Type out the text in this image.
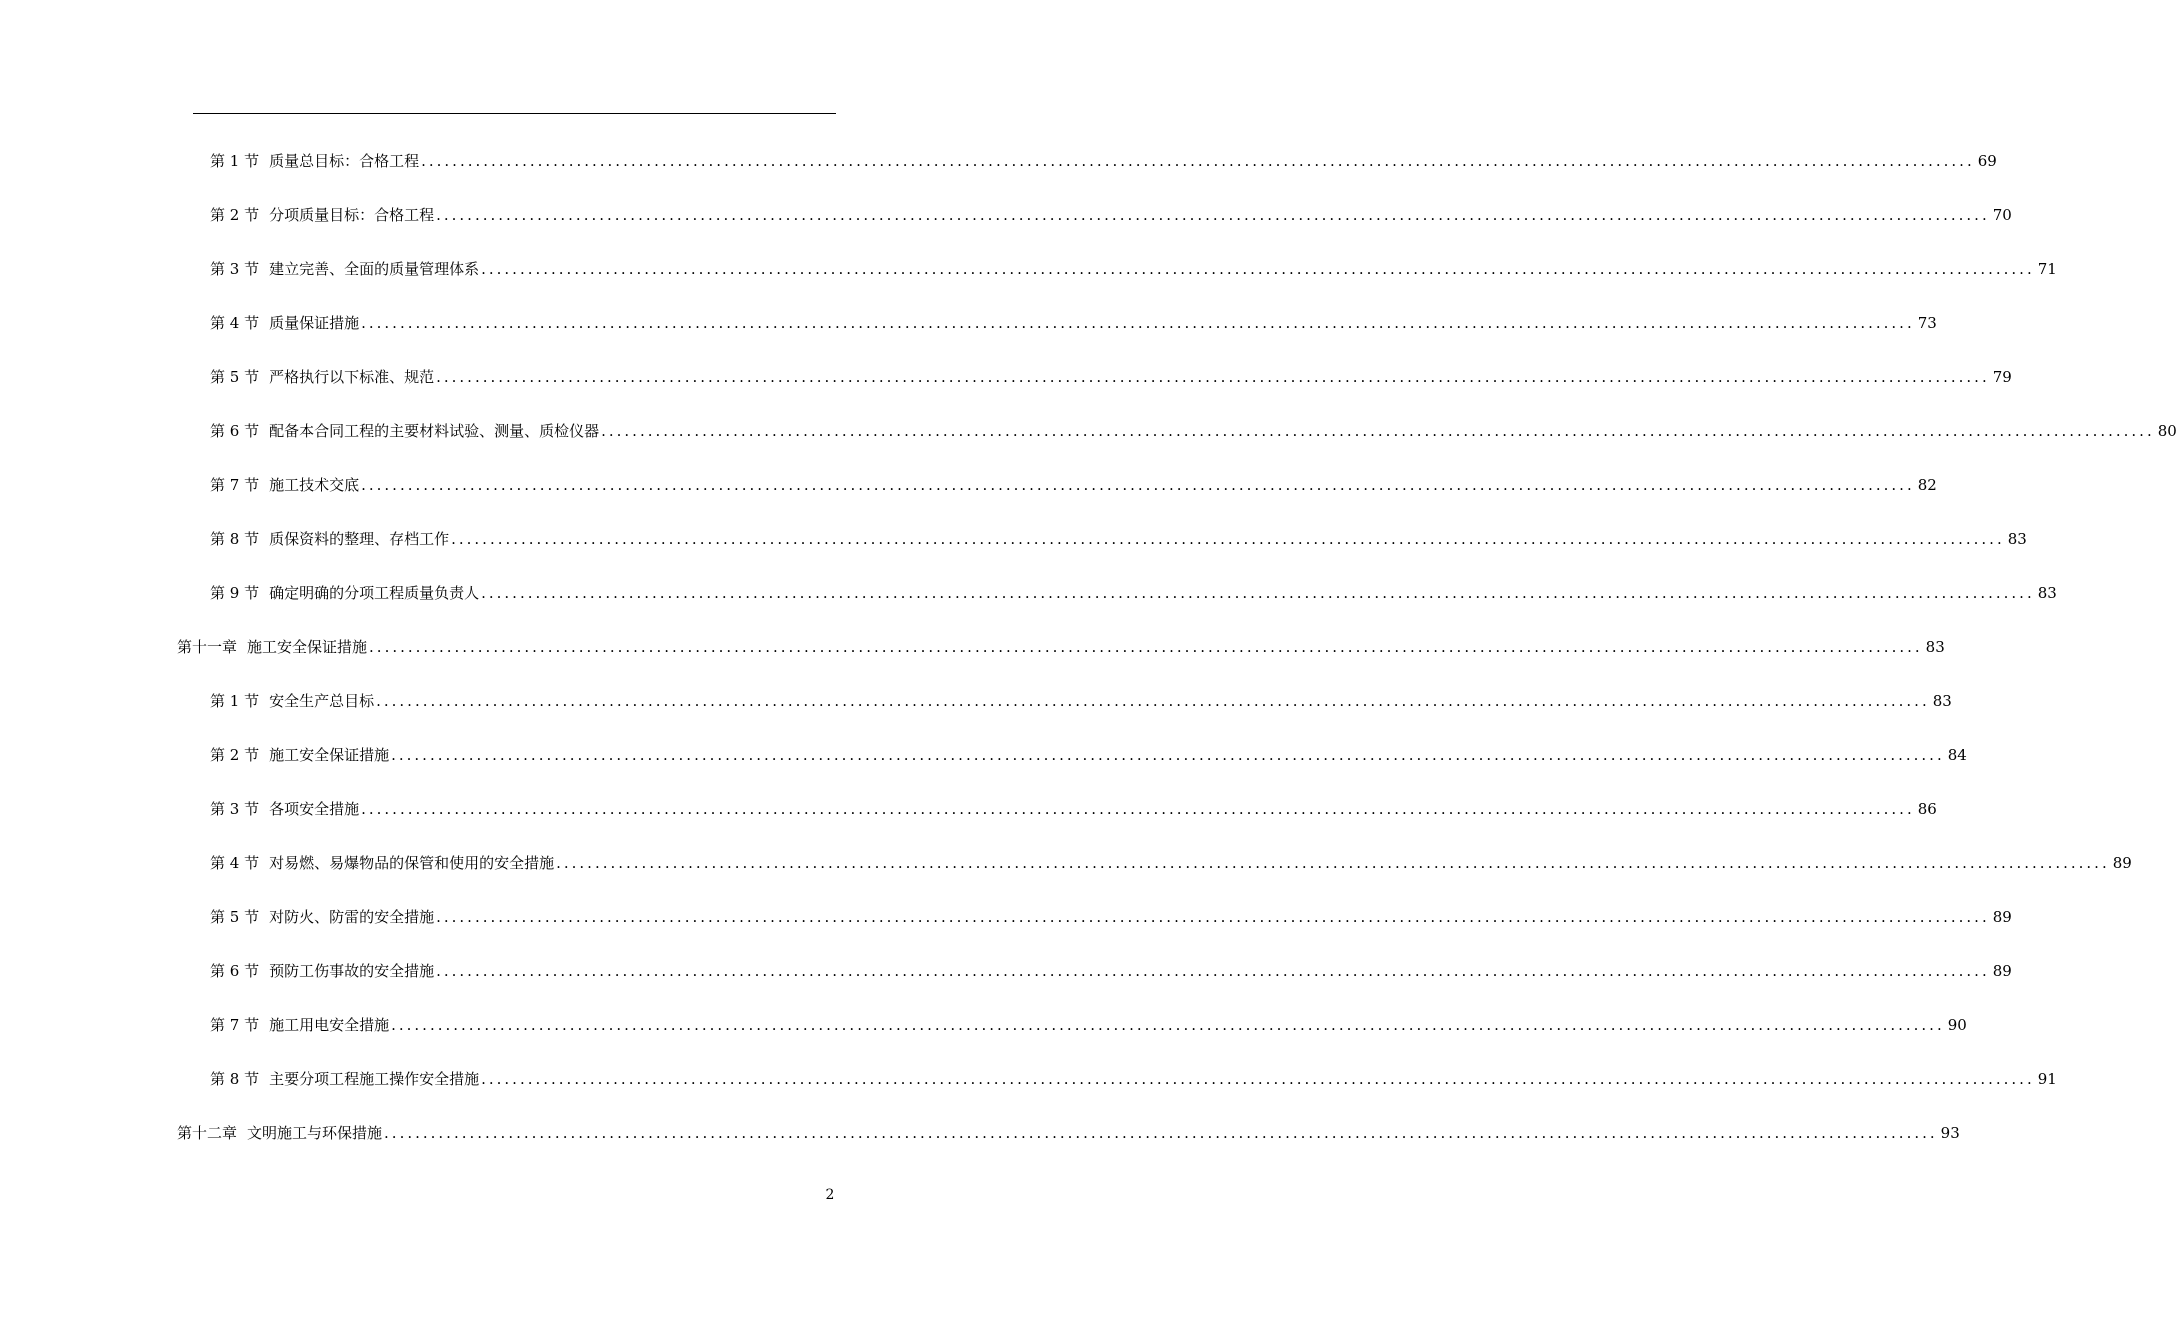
第 1 节 质量总目标：合格工程 ........................................................................................................................................................................................................ 69
第 2 节 分项质量目标：合格工程 ........................................................................................................................................................................................................ 70
第 3 节 建立完善、全面的质量管理体系 ........................................................................................................................................................................................................ 71
第 4 节 质量保证措施 ........................................................................................................................................................................................................ 73
第 5 节 严格执行以下标准、规范 ........................................................................................................................................................................................................ 79
第 6 节 配备本合同工程的主要材料试验、测量、质检仪器 ........................................................................................................................................................................................................ 80
第 7 节 施工技术交底 ........................................................................................................................................................................................................ 82
第 8 节 质保资料的整理、存档工作 ........................................................................................................................................................................................................ 83
第 9 节 确定明确的分项工程质量负责人 ........................................................................................................................................................................................................ 83
第十一章 施工安全保证措施 ........................................................................................................................................................................................................ 83
第 1 节 安全生产总目标 ........................................................................................................................................................................................................ 83
第 2 节 施工安全保证措施 ........................................................................................................................................................................................................ 84
第 3 节 各项安全措施 ........................................................................................................................................................................................................ 86
第 4 节 对易燃、易爆物品的保管和使用的安全措施 ........................................................................................................................................................................................................ 89
第 5 节 对防火、防雷的安全措施 ........................................................................................................................................................................................................ 89
第 6 节 预防工伤事故的安全措施 ........................................................................................................................................................................................................ 89
第 7 节 施工用电安全措施 ........................................................................................................................................................................................................ 90
第 8 节 主要分项工程施工操作安全措施 ........................................................................................................................................................................................................ 91
第十二章 文明施工与环保措施 ........................................................................................................................................................................................................ 93
2
